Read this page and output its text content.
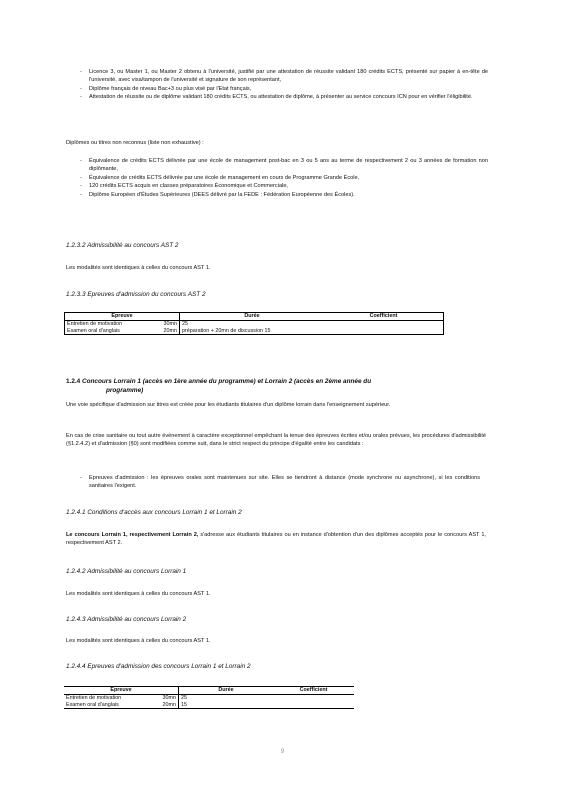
- Licence 3, ou Master 1, ou Master 2 obtenu à l'université, justifié par une attestation de réussite validant 180 crédits ECTS, présenté sur papier à en-tête de l'université, avec visa/tampon de l'université et signature de son représentant,
- Diplôme français de niveau Bac+3 ou plus visé par l'Etat français,
- Attestation de réussite ou de diplôme validant 180 crédits ECTS, ou attestation de diplôme, à présenter au service concours ICN pour en vérifier l'éligibilité.

Diplômes ou titres non reconnus (liste non exhaustive) :

- Équivalence de crédits ECTS délivrée par une école de management post-bac en 3 ou 5 ans au terme de respectivement 2 ou 3 années de formation non diplômante,
- Équivalence de crédits ECTS délivrée par une école de management en cours de Programme Grande École,
- 120 crédits ECTS acquis en classes préparatoires Économique et Commerciale,
- Diplôme Européen d'Études Supérieures (DEES délivré par la FEDE : Fédération Européenne des Écoles).

1.2.3.2 Admissibilité au concours AST 2

Les modalités sont identiques à celles du concours AST 1.

1.2.3.3 Epreuves d'admission du concours AST 2

Epreuve	Durée	Coefficient
Entretien de motivation 30mn	25	
Examen oral d'anglais 20mn	préparation + 20mn de discussion 15	
1.2.4 Concours Lorrain 1 (accès en 1ère année du programme) et Lorrain 2 (accès en 2ème année du
programme)

Une voie spécifique d'admission sur titres est créée pour les étudiants titulaires d'un diplôme lorrain dans l'enseignement supérieur.

En cas de crise sanitaire ou tout autre événement à caractère exceptionnel empêchant la tenue des épreuves écrites et/ou orales prévues, les procédures d'admissibilité (§1.2.4.2) et d'admission (§0) sont modifiées comme suit, dans le strict respect du principe d'égalité entre les candidats :

- Epreuves d'admission : les épreuves orales sont maintenues sur site. Elles se tiendront à distance (mode synchrone ou asynchrone), si les conditions sanitaires l'exigent.

1.2.4.1 Conditions d'accès aux concours Lorrain 1 et Lorrain 2

Le concours Lorrain 1, respectivement Lorrain 2, s'adresse aux étudiants titulaires ou en instance d'obtention d'un des diplômes acceptés pour le concours AST 1, respectivement AST 2.

1.2.4.2 Admissibilité au concours Lorrain 1

Les modalités sont identiques à celles du concours AST 1.

1.2.4.3 Admissibilité au concours Lorrain 2

Les modalités sont identiques à celles du concours AST 1.

1.2.4.4 Epreuves d'admission des concours Lorrain 1 et Lorrain 2

Epreuve	Durée	Coefficient
Entretien de motivation 30mn	25	
Examen oral d'anglais 20mn	15	
9
